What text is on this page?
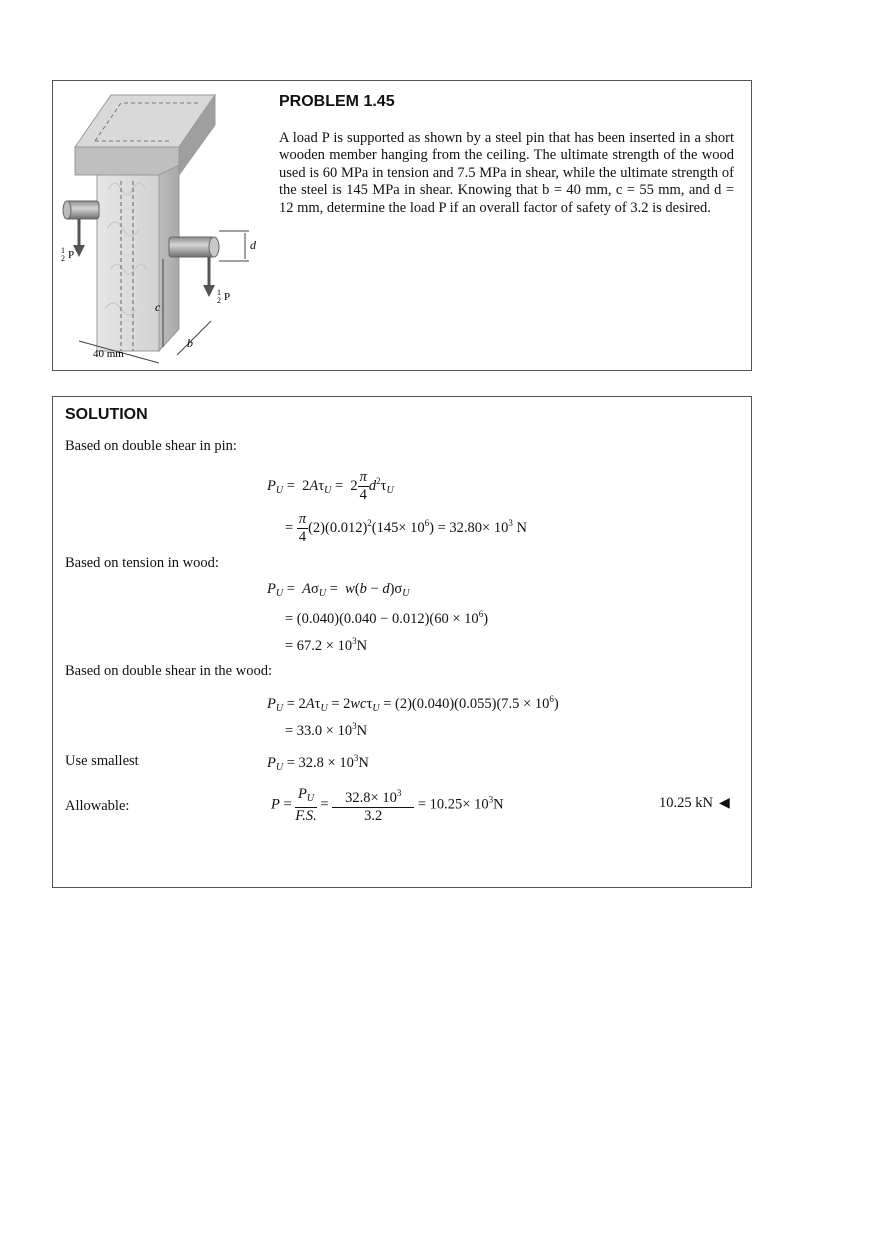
1
2 P
1
2 P
d
c
b
40 mm
PROBLEM 1.45
A load P is supported as shown by a steel pin that has been inserted in a short wooden member hanging from the ceiling. The ultimate strength of the wood used is 60 MPa in tension and 7.5 MPa in shear, while the ultimate strength of the steel is 145 MPa in shear. Knowing that b = 40 mm, c = 55 mm, and d = 12 mm, determine the load P if an overall factor of safety of 3.2 is desired.
SOLUTION
Based on double shear in pin:
$P_U = 2A\tau_U = 2 \frac{\pi}{4} d^2\tau_U$
= $\frac{\pi}{4} (2)(0.012)^2(145\times 10^6) = 32.80\times 10^3$ N
Based on tension in wood:
$P_U = A\sigma_U = w(b - d)\sigma_U$
= $(0.040)(0.040 - 0.012)(60 \times 10^6)$
= $67.2 \times 10^3N$
Based on double shear in the wood:
$P_U = 2A\tau_U = 2wc\tau_U = (2)(0.040)(0.055)(7.5 \times 10^6)$
= $33.0 \times 10^3N$
Use smallest	$P_U = 32.8 \times 10^3N$
Allowable:	$P = \frac{P_U}{F.S.} = \frac{32.8\times 10^3}{3.2} = 10.25\times 10^3N$	10.25 kN ◀
